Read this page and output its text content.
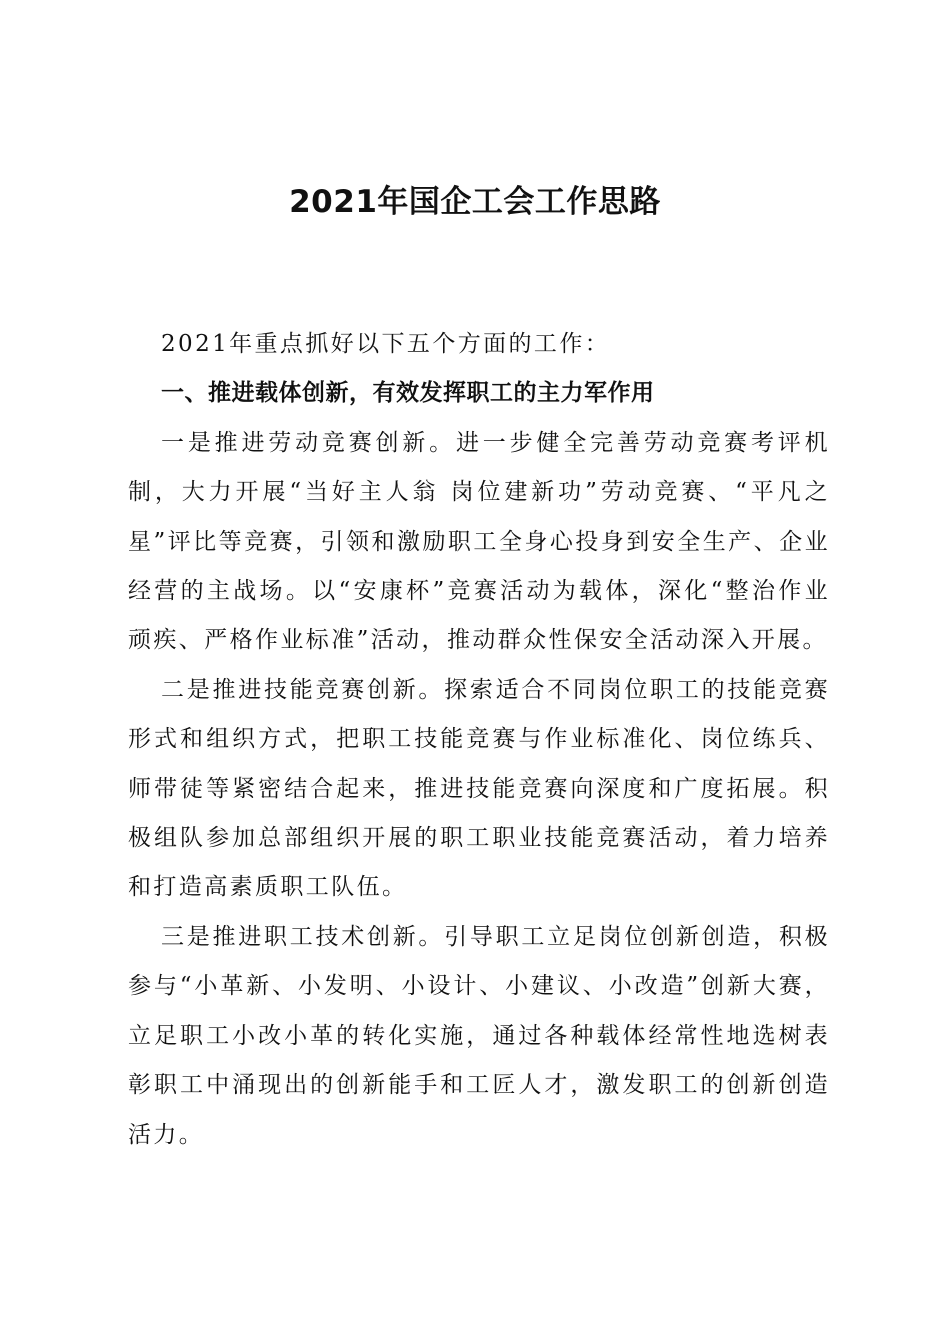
2021年国企工会工作思路

2021年重点抓好以下五个方面的工作：

一、推进载体创新，有效发挥职工的主力军作用

一是推进劳动竞赛创新。进一步健全完善劳动竞赛考评机制，大力开展“当好主人翁 岗位建新功”劳动竞赛、“平凡之星”评比等竞赛，引领和激励职工全身心投身到安全生产、企业经营的主战场。以“安康杯”竞赛活动为载体，深化“整治作业顽疾、严格作业标准”活动，推动群众性保安全活动深入开展。

二是推进技能竞赛创新。探索适合不同岗位职工的技能竞赛形式和组织方式，把职工技能竞赛与作业标准化、岗位练兵、师带徒等紧密结合起来，推进技能竞赛向深度和广度拓展。积极组队参加总部组织开展的职工职业技能竞赛活动，着力培养和打造高素质职工队伍。

三是推进职工技术创新。引导职工立足岗位创新创造，积极参与“小革新、小发明、小设计、小建议、小改造”创新大赛，立足职工小改小革的转化实施，通过各种载体经常性地选树表彰职工中涌现出的创新能手和工匠人才，激发职工的创新创造活力。
